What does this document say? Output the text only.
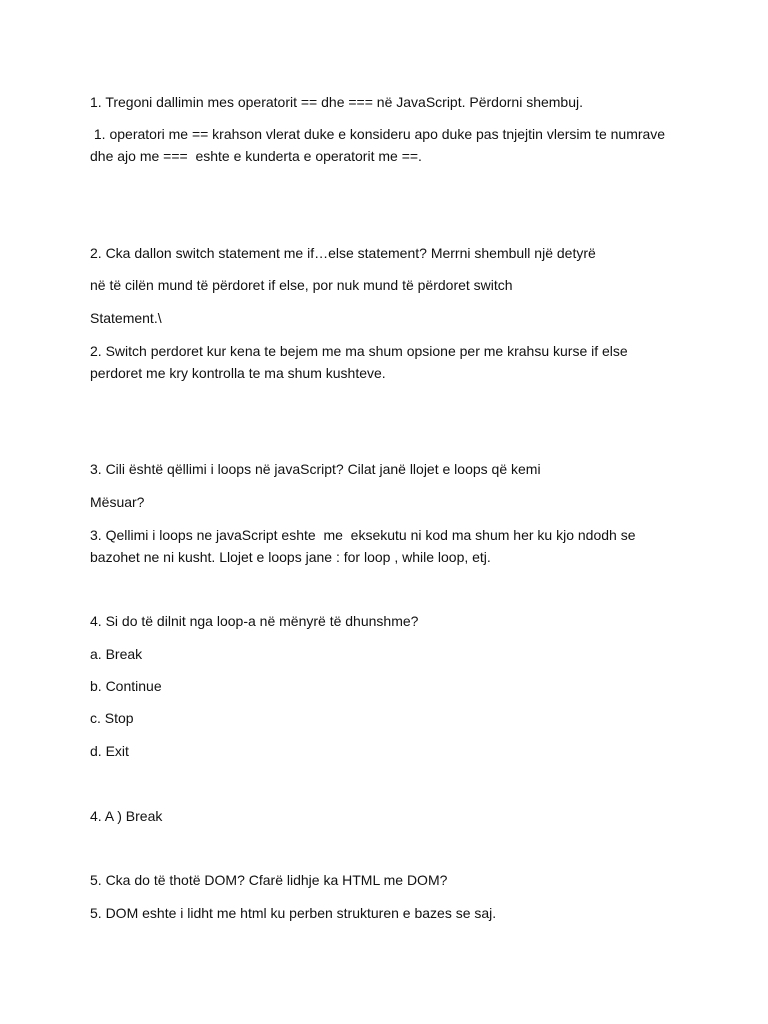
1. Tregoni dallimin mes operatorit == dhe === në JavaScript. Përdorni shembuj.

1. operatori me == krahson vlerat duke e konsideru apo duke pas tnjejtin vlersim te numrave dhe ajo me ===  eshte e kunderta e operatorit me ==.

2. Cka dallon switch statement me if…else statement? Merrni shembull një detyrë

në të cilën mund të përdoret if else, por nuk mund të përdoret switch

Statement.\

2. Switch perdoret kur kena te bejem me ma shum opsione per me krahsu kurse if else perdoret me kry kontrolla te ma shum kushteve.

3. Cili është qëllimi i loops në javaScript? Cilat janë llojet e loops që kemi

Mësuar?

3. Qellimi i loops ne javaScript eshte  me  eksekutu ni kod ma shum her ku kjo ndodh se bazohet ne ni kusht. Llojet e loops jane : for loop , while loop, etj.

4. Si do të dilnit nga loop-a në mënyrë të dhunshme?

a. Break

b. Continue

c. Stop

d. Exit

4. A ) Break

5. Cka do të thotë DOM? Cfarë lidhje ka HTML me DOM?

5. DOM eshte i lidht me html ku perben strukturen e bazes se saj.
